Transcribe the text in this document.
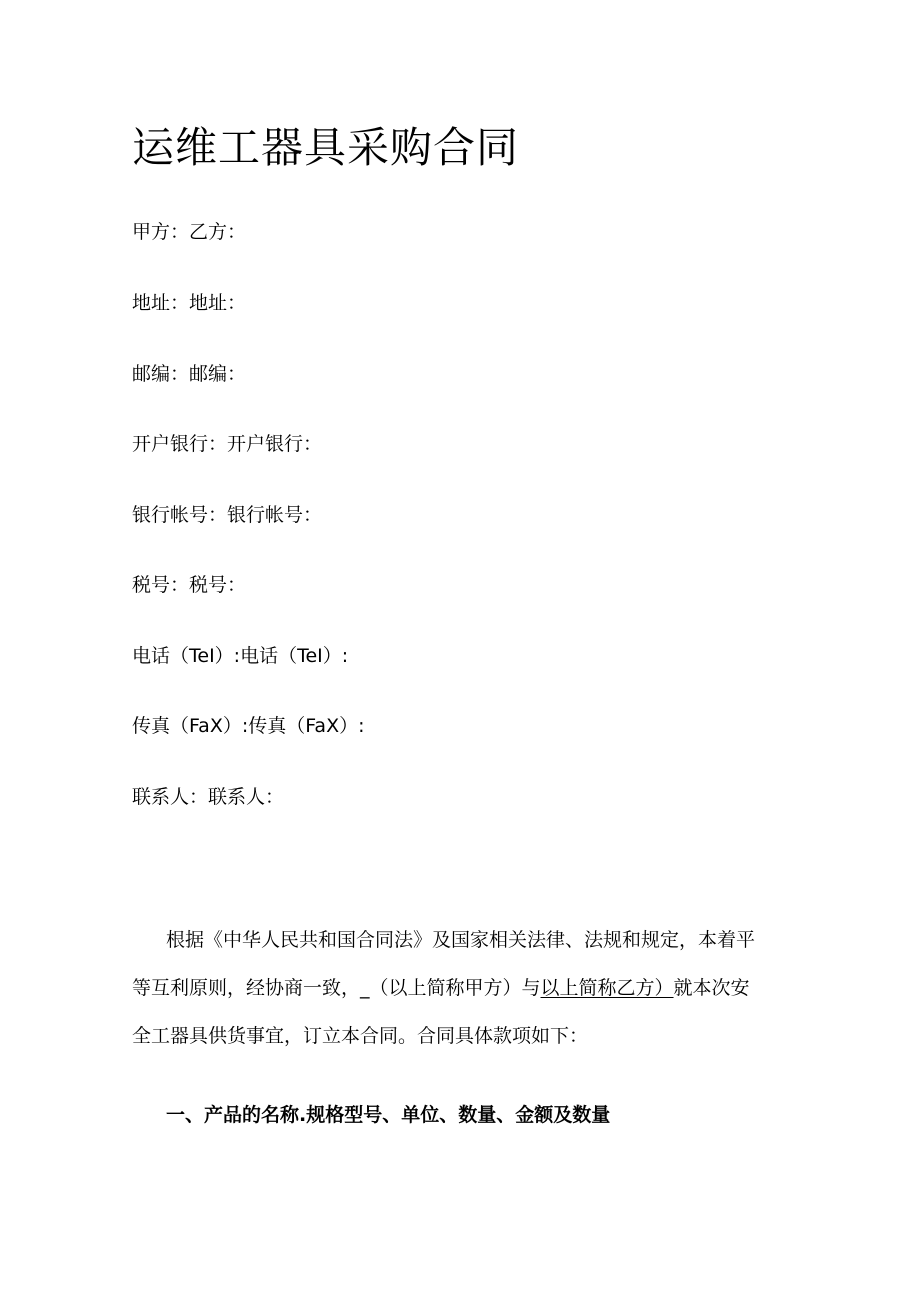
运维工器具采购合同
甲方：乙方：
地址：地址：
邮编：邮编：
开户银行：开户银行：
银行帐号：银行帐号：
税号：税号：
电话（TeI）:电话（TeI）:
传真（FaX）:传真（FaX）:
联系人：联系人：
根据《中华人民共和国合同法》及国家相关法律、法规和规定，本着平
等互利原则，经协商一致，_（以上简称甲方）与以上简称乙方）就本次安
全工器具供货事宜，订立本合同。合同具体款项如下：
一、产品的名称.规格型号、单位、数量、金额及数量
